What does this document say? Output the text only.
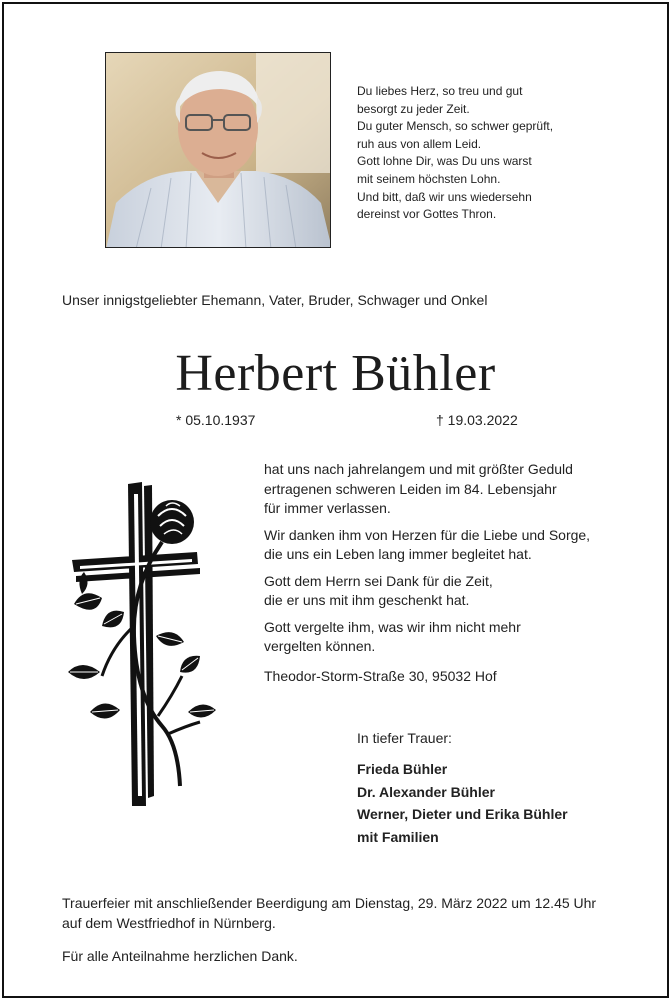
Du liebes Herz, so treu und gut
besorgt zu jeder Zeit.
Du guter Mensch, so schwer geprüft,
ruh aus von allem Leid.
Gott lohne Dir, was Du uns warst
mit seinem höchsten Lohn.
Und bitt, daß wir uns wiedersehn
dereinst vor Gottes Thron.
Unser innigstgeliebter Ehemann, Vater, Bruder, Schwager und Onkel
Herbert Bühler
* 05.10.1937	† 19.03.2022

hat uns nach jahrelangem und mit größter Geduld
ertragenen schweren Leiden im 84. Lebensjahr
für immer verlassen.

Wir danken ihm von Herzen für die Liebe und Sorge,
die uns ein Leben lang immer begleitet hat.

Gott dem Herrn sei Dank für die Zeit,
die er uns mit ihm geschenkt hat.

Gott vergelte ihm, was wir ihm nicht mehr
vergelten können.

Theodor-Storm-Straße 30, 95032 Hof
In tiefer Trauer:
Frieda Bühler
Dr. Alexander Bühler
Werner, Dieter und Erika Bühler
mit Familien
Trauerfeier mit anschließender Beerdigung am Dienstag, 29. März 2022 um 12.45 Uhr
auf dem Westfriedhof in Nürnberg.
Für alle Anteilnahme herzlichen Dank.
